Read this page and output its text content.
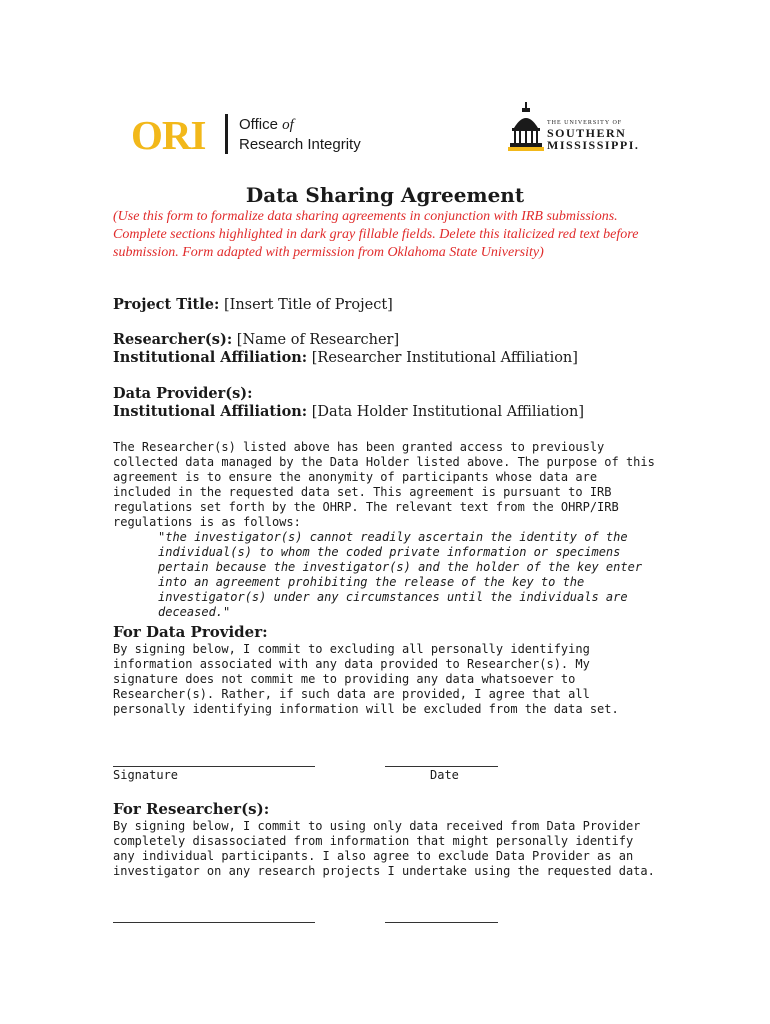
ORI Office of
Research Integrity
THE UNIVERSITY OF
SOUTHERN
MISSISSIPPI.
Data Sharing Agreement
(Use this form to formalize data sharing agreements in conjunction with IRB submissions. Complete sections highlighted in dark gray fillable fields. Delete this italicized red text before submission. Form adapted with permission from Oklahoma State University)
Project Title: [Insert Title of Project]
Researcher(s): [Name of Researcher]
Institutional Affiliation: [Researcher Institutional Affiliation]
Data Provider(s):
Institutional Affiliation: [Data Holder Institutional Affiliation]
The Researcher(s) listed above has been granted access to previously collected data managed by the Data Holder listed above. The purpose of this agreement is to ensure the anonymity of participants whose data are included in the requested data set. This agreement is pursuant to IRB regulations set forth by the OHRP. The relevant text from the OHRP/IRB regulations is as follows:
"the investigator(s) cannot readily ascertain the identity of the individual(s) to whom the coded private information or specimens pertain because the investigator(s) and the holder of the key enter into an agreement prohibiting the release of the key to the investigator(s) under any circumstances until the individuals are deceased."
For Data Provider:
By signing below, I commit to excluding all personally identifying information associated with any data provided to Researcher(s). My signature does not commit me to providing any data whatsoever to Researcher(s). Rather, if such data are provided, I agree that all personally identifying information will be excluded from the data set.
Signature	Date
For Researcher(s):
By signing below, I commit to using only data received from Data Provider completely disassociated from information that might personally identify any individual participants. I also agree to exclude Data Provider as an investigator on any research projects I undertake using the requested data.
